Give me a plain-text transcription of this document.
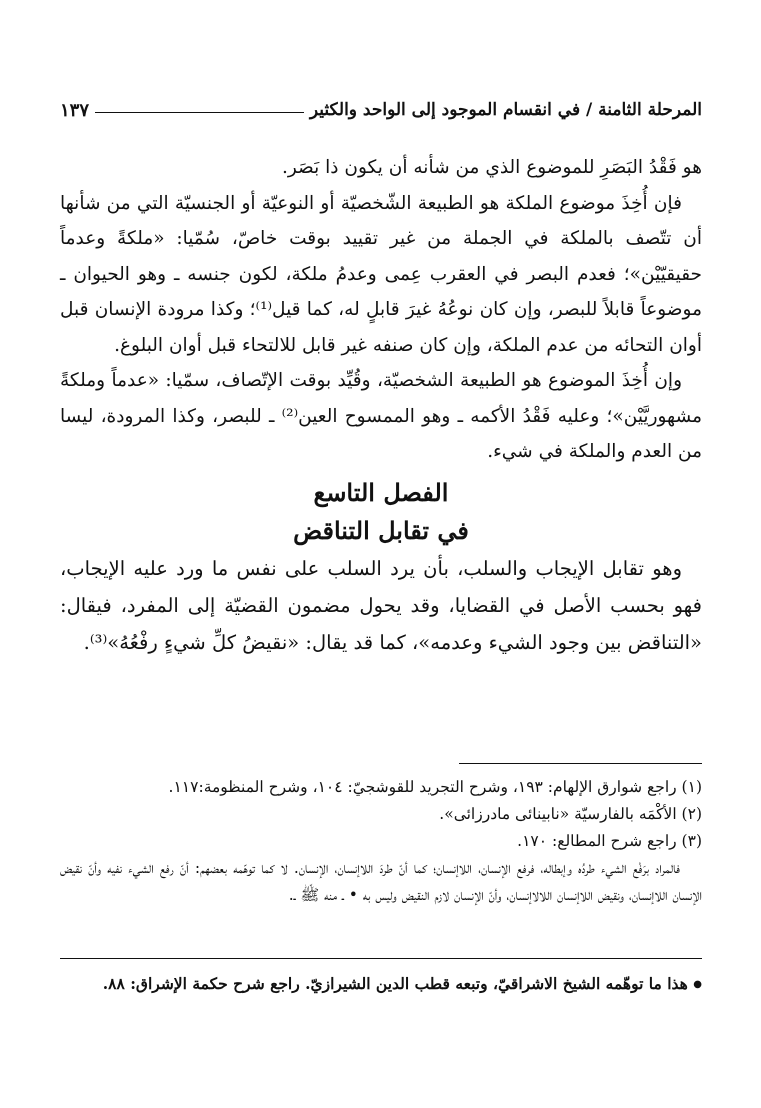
المرحلة الثامنة / في انقسام الموجود إلى الواحد والكثير
١٣٧

هو فَقْدُ البَصَرِ للموضوع الذي من شأنه أن يكون ذا بَصَر.

فإن أُخِذَ موضوع الملكة هو الطبيعة الشّخصيّة أو النوعيّة أو الجنسيّة التي من شأنها أن تتّصف بالملكة في الجملة من غير تقييد بوقت خاصّ، سُمّيا: «ملكةً وعدماً حقيقيّيْن»؛ فعدم البصر في العقرب عِمى وعدمُ ملكة، لكون جنسه ـ وهو الحيوان ـ موضوعاً قابلاً للبصر، وإن كان نوعُهُ غيرَ قابلٍ له، كما قيل⁽¹⁾؛ وكذا مرودة الإنسان قبل أوان التحائه من عدم الملكة، وإن كان صنفه غير قابل للالتحاء قبل أوان البلوغ.

وإن أُخِذَ الموضوع هو الطبيعة الشخصيّة، وقُيِّد بوقت الإتّصاف، سمّيا: «عدماً وملكةً مشهوريَّيْن»؛ وعليه فَقْدُ الأكمه ـ وهو الممسوح العين⁽²⁾ ـ للبصر، وكذا المرودة، ليسا من العدم والملكة في شيء.

الفصل التاسع
في تقابل التناقض

وهو تقابل الإيجاب والسلب، بأن يرد السلب على نفس ما ورد عليه الإيجاب، فهو بحسب الأصل في القضايا، وقد يحول مضمون القضيّة إلى المفرد، فيقال: «التناقض بين وجود الشيء وعدمه»، كما قد يقال: «نقيضُ كلِّ شيءٍ رفْعُهُ»⁽³⁾.

(١) راجع شوارق الإلهام: ١٩٣، وشرح التجريد للقوشجيّ: ١٠٤، وشرح المنظومة:١١٧.

(٢) الأكْمَه بالفارسيّة «نابينائى مادرزائى».

(٣) راجع شرح المطالع: ١٧٠.

فالمراد برَفْع الشيء طردُه وإبطاله، فرفع الإنسان، اللاإنسان؛ كما أنّ طردَ اللاإنسان، الإنسان. لا كما توهّمه بعضهم: أنّ رفع الشيء نفيه وأنّ نقيض الإنسان اللاإنسان، ونقيض اللاإنسان اللالاإنسان، وأنّ الإنسان لازم النقيض وليس به • ـ منه ﷺ ـ.

● هذا ما توهّمه الشيخ الاشراقيّ، وتبعه قطب الدين الشيرازيّ. راجع شرح حكمة الإشراق: ٨٨.
